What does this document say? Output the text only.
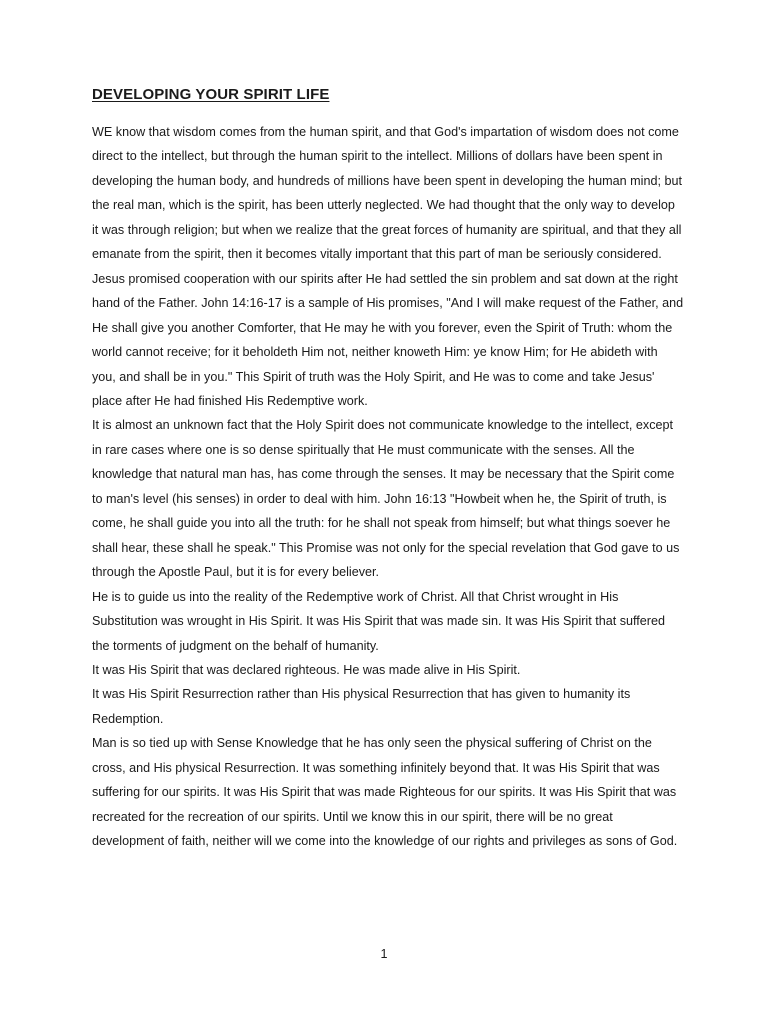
DEVELOPING YOUR SPIRIT LIFE

WE know that wisdom comes from the human spirit, and that God's impartation of wisdom does not come direct to the intellect, but through the human spirit to the intellect. Millions of dollars have been spent in developing the human body, and hundreds of millions have been spent in developing the human mind; but the real man, which is the spirit, has been utterly neglected. We had thought that the only way to develop it was through religion; but when we realize that the great forces of humanity are spiritual, and that they all emanate from the spirit, then it becomes vitally important that this part of man be seriously considered.

Jesus promised cooperation with our spirits after He had settled the sin problem and sat down at the right hand of the Father. John 14:16-17 is a sample of His promises, "And I will make request of the Father, and He shall give you another Comforter, that He may he with you forever, even the Spirit of Truth: whom the world cannot receive; for it beholdeth Him not, neither knoweth Him: ye know Him; for He abideth with you, and shall be in you." This Spirit of truth was the Holy Spirit, and He was to come and take Jesus' place after He had finished His Redemptive work.

It is almost an unknown fact that the Holy Spirit does not communicate knowledge to the intellect, except in rare cases where one is so dense spiritually that He must communicate with the senses. All the knowledge that natural man has, has come through the senses. It may be necessary that the Spirit come to man's level (his senses) in order to deal with him. John 16:13 "Howbeit when he, the Spirit of truth, is come, he shall guide you into all the truth: for he shall not speak from himself; but what things soever he shall hear, these shall he speak." This Promise was not only for the special revelation that God gave to us through the Apostle Paul, but it is for every believer.

He is to guide us into the reality of the Redemptive work of Christ. All that Christ wrought in His Substitution was wrought in His Spirit. It was His Spirit that was made sin. It was His Spirit that suffered the torments of judgment on the behalf of humanity.

It was His Spirit that was declared righteous. He was made alive in His Spirit.

It was His Spirit Resurrection rather than His physical Resurrection that has given to humanity its Redemption.

Man is so tied up with Sense Knowledge that he has only seen the physical suffering of Christ on the cross, and His physical Resurrection. It was something infinitely beyond that. It was His Spirit that was suffering for our spirits. It was His Spirit that was made Righteous for our spirits. It was His Spirit that was recreated for the recreation of our spirits. Until we know this in our spirit, there will be no great development of faith, neither will we come into the knowledge of our rights and privileges as sons of God.

1
